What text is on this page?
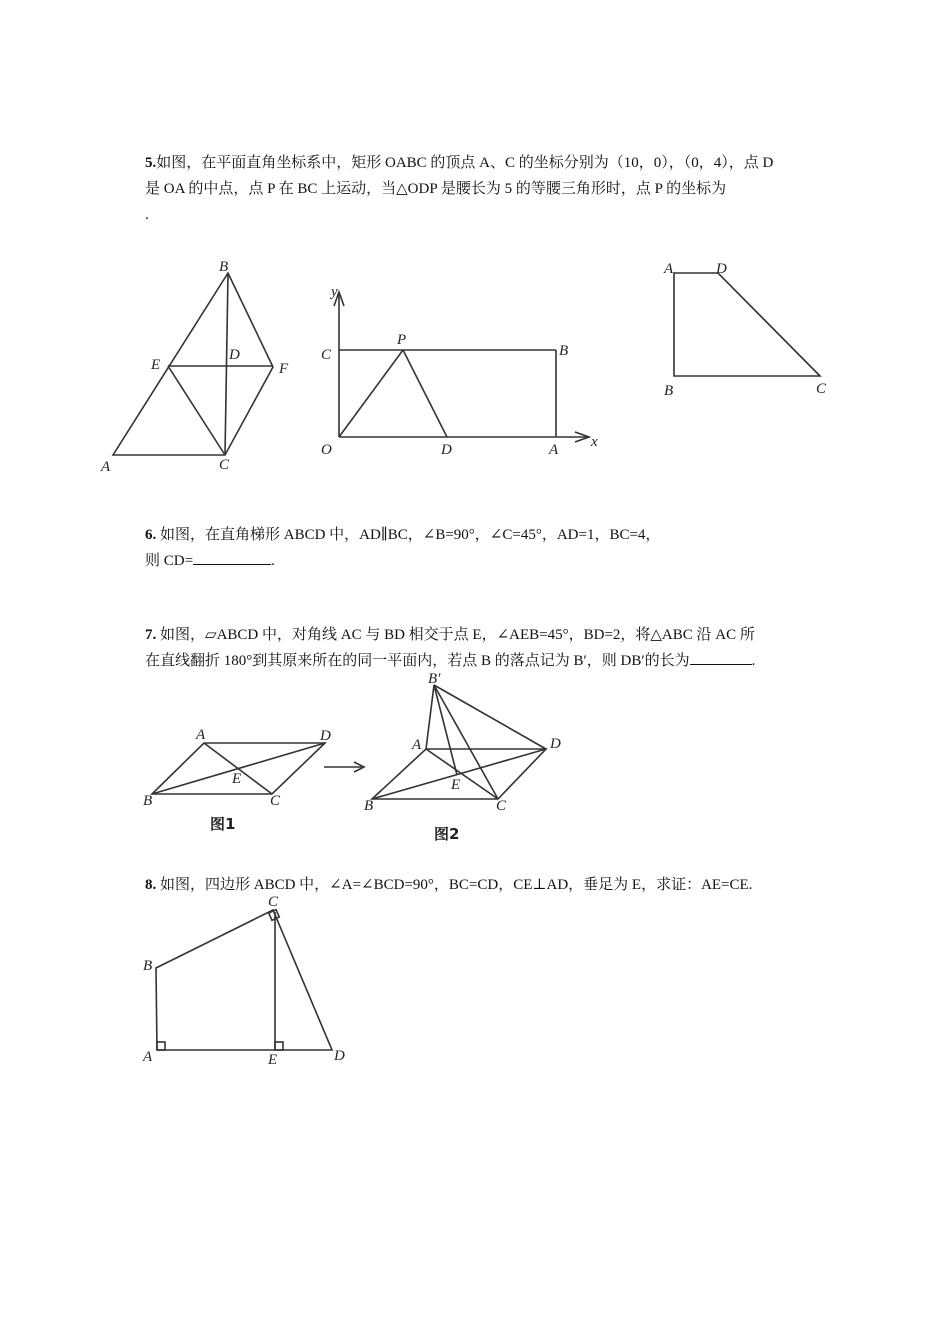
5.如图，在平面直角坐标系中，矩形 OABC 的顶点 A、C 的坐标分别为（10，0），（0，4），点 D
是 OA 的中点，点 P 在 BC 上运动，当△ODP 是腰长为 5 的等腰三角形时，点 P 的坐标为
.

B
E
D
F
A	C
y
x
C
P
B
O	D	A
A	D
B	C

6. 如图，在直角梯形 ABCD 中，AD∥BC，∠B=90°，∠C=45°，AD=1，BC=4，
则 CD=	.

7. 如图，▱ABCD 中，对角线 AC 与 BD 相交于点 E，∠AEB=45°，BD=2，将△ABC 沿 AC 所
在直线翻折 180°到其原来所在的同一平面内，若点 B 的落点记为 B′，则 DB′的长为	.

A	D
E
B	C
图1
B′
A	D
E
B	C
图2

8. 如图，四边形 ABCD 中，∠A=∠BCD=90°，BC=CD，CE⊥AD，垂足为 E，求证：AE=CE.

C
B
A	E	D
